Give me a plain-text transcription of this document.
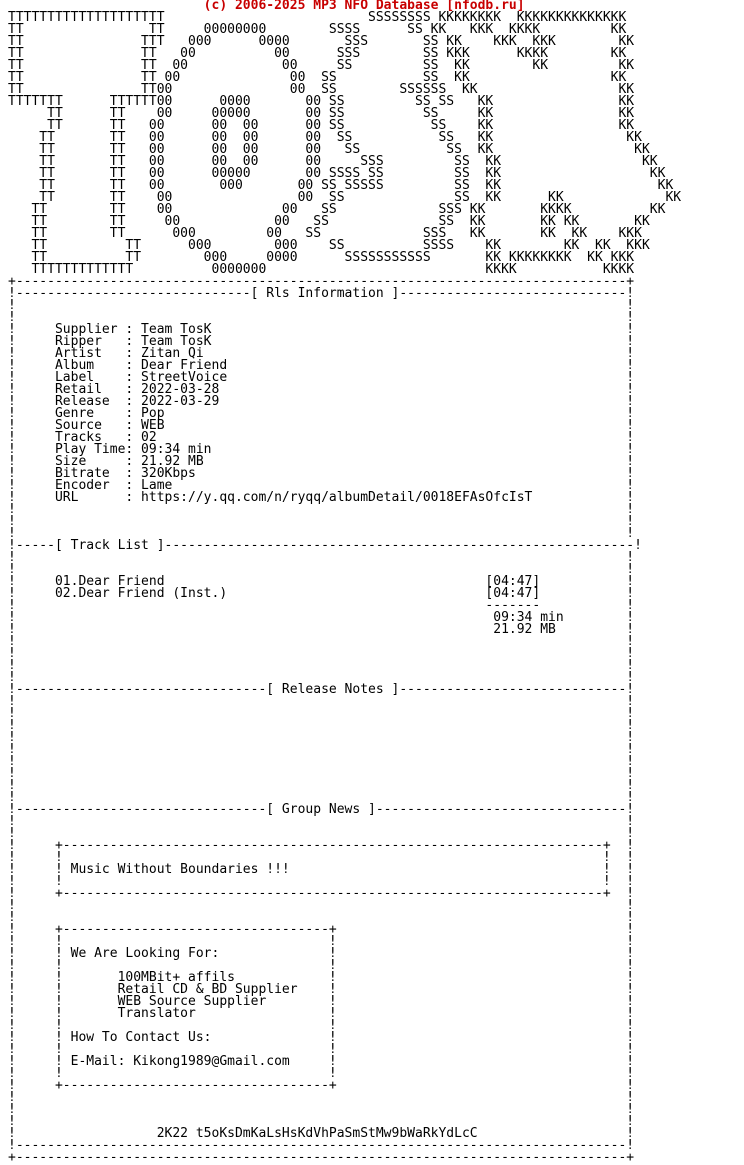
(c) 2006-2025 MP3 NFO Database [nfodb.ru]
TTTTTTTTTTTTTTTTTTTT                          SSSSSSSS KKKKKKKK  KKKKKKKKKKKKKK
TT                TT     00000000        SSSS      SS KK   KKK  KKKK         KK
TT               TTT   000      0000       SSS       SS KK    KKK  KKK        KK
TT               TT   00          00      SSS        SS KKK      KKKK        KK
TT               TT  00            00     SS         SS  KK        KK         KK
TT               TT 00              00  SS           SS  KK                  KK
TT               TT00               00  SS        SSSSSS  KK                  KK
TTTTTTT      TTTTTT00      0000       00 SS         SS SS   KK                KK
TT      TT    00     00000       00 SS          SS     KK                KK
TT      TT   00      00  00      00 SS           SS    KK                KK
TT       TT   00      00  00      00  SS           SS   KK                 KK
TT       TT   00      00  00      00   SS           SS  KK                  KK
TT       TT   00      00  00      00     SSS         SS  KK                  KK
TT       TT   00      00000       00 SSSS SS         SS  KK                   KK
TT       TT   00       000       00 SS SSSSS         SS  KK                    KK
TT       TT    00                00  SS              SS  KK      KK             KK
TT        TT    00              00   SS             SSS KK       KKKK          KK
TT        TT     00            00   SS              SS  KK       KK KK       KK
TT        TT      000         00   SS             SSS   KK       KK  KK    KKK
TT          TT      000        000    SS          SSSS    KK        KK  KK  KKK
TT          TT        000     0000      SSSSSSSSSSS       KK KKKKKKKK  KK KKK
TTTTTTTTTTTTT          0000000                            KKKK           KKKK
+------------------------------------------------------------------------------+
!------------------------------[ Rls Information ]-----------------------------!
!                                                                              !
!                                                                              !
!     Supplier : Team TosK                                                     !
!     Ripper   : Team TosK                                                     !
!     Artist   : Zitan Qi                                                      !
!     Album    : Dear Friend                                                   !
!     Label    : StreetVoice                                                   !
!     Retail   : 2022-03-28                                                    !
!     Release  : 2022-03-29                                                    !
!     Genre    : Pop                                                           !
!     Source   : WEB                                                           !
!     Tracks   : 02                                                            !
!     Play Time: 09:34 min                                                     !
!     Size     : 21.92 MB                                                      !
!     Bitrate  : 320Kbps                                                       !
!     Encoder  : Lame                                                          !
!     URL      : https://y.qq.com/n/ryqq/albumDetail/0018EFAsOfcIsT            !
!                                                                              !
!                                                                              !
!                                                                              !
!-----[ Track List ]------------------------------------------------------------!
!                                                                              !
!                                                                              !
!     01.Dear Friend                                         [04:47]           !
!     02.Dear Friend (Inst.)                                 [04:47]           !
!                                                            -------           !
!                                                             09:34 min        !
!                                                             21.92 MB         !
!                                                                              !
!                                                                              !
!                                                                              !
!                                                                              !
!--------------------------------[ Release Notes ]-----------------------------!
!                                                                              !
!                                                                              !
!                                                                              !
!                                                                              !
!                                                                              !
!                                                                              !
!                                                                              !
!                                                                              !
!                                                                              !
!--------------------------------[ Group News ]--------------------------------!
!                                                                              !
!                                                                              !
!     +---------------------------------------------------------------------+  !
!     !                                                                     !  !
!     ! Music Without Boundaries !!!                                        !  !
!     !                                                                     !  !
!     +---------------------------------------------------------------------+  !
!                                                                              !
!                                                                              !
!     +----------------------------------+                                     !
!     !                                  !                                     !
!     ! We Are Looking For:              !                                     !
!     !                                  !                                     !
!     !       100MBit+ affils            !                                     !
!     !       Retail CD & BD Supplier    !                                     !
!     !       WEB Source Supplier        !                                     !
!     !       Translator                 !                                     !
!     !                                  !                                     !
!     ! How To Contact Us:               !                                     !
!     !                                  !                                     !
!     ! E-Mail: Kikong1989@Gmail.com     !                                     !
!     !                                  !                                     !
!     +----------------------------------+                                     !
!                                                                              !
!                                                                              !
!                                                                              !
!                  2K22 t5oKsDmKaLsHsKdVhPaSmStMw9bWaRkYdLcC                   !
!------------------------------------------------------------------------------!
+------------------------------------------------------------------------------+
